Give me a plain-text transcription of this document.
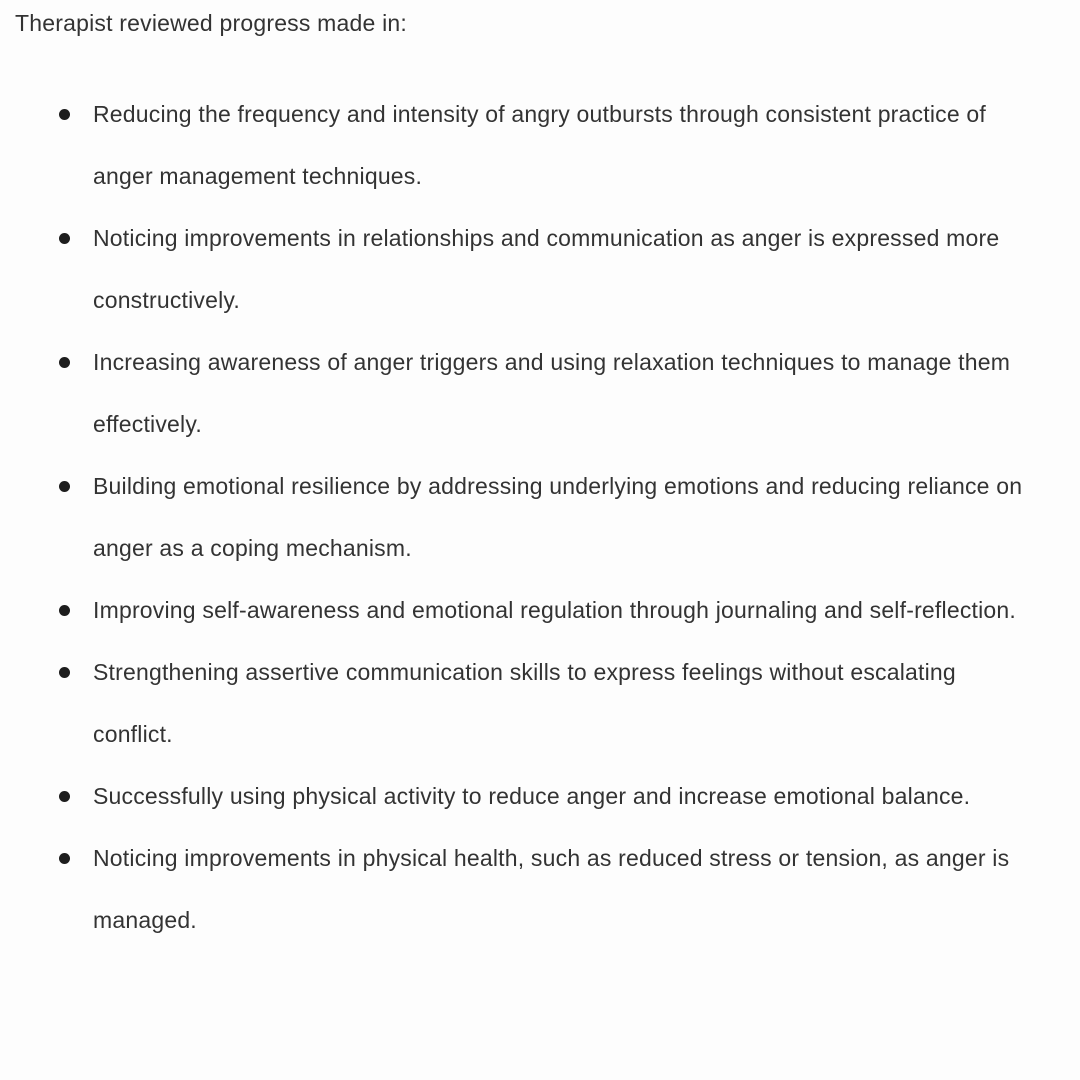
Therapist reviewed progress made in:
Reducing the frequency and intensity of angry outbursts through consistent practice of anger management techniques.
Noticing improvements in relationships and communication as anger is expressed more constructively.
Increasing awareness of anger triggers and using relaxation techniques to manage them effectively.
Building emotional resilience by addressing underlying emotions and reducing reliance on anger as a coping mechanism.
Improving self-awareness and emotional regulation through journaling and self-reflection.
Strengthening assertive communication skills to express feelings without escalating conflict.
Successfully using physical activity to reduce anger and increase emotional balance.
Noticing improvements in physical health, such as reduced stress or tension, as anger is managed.
